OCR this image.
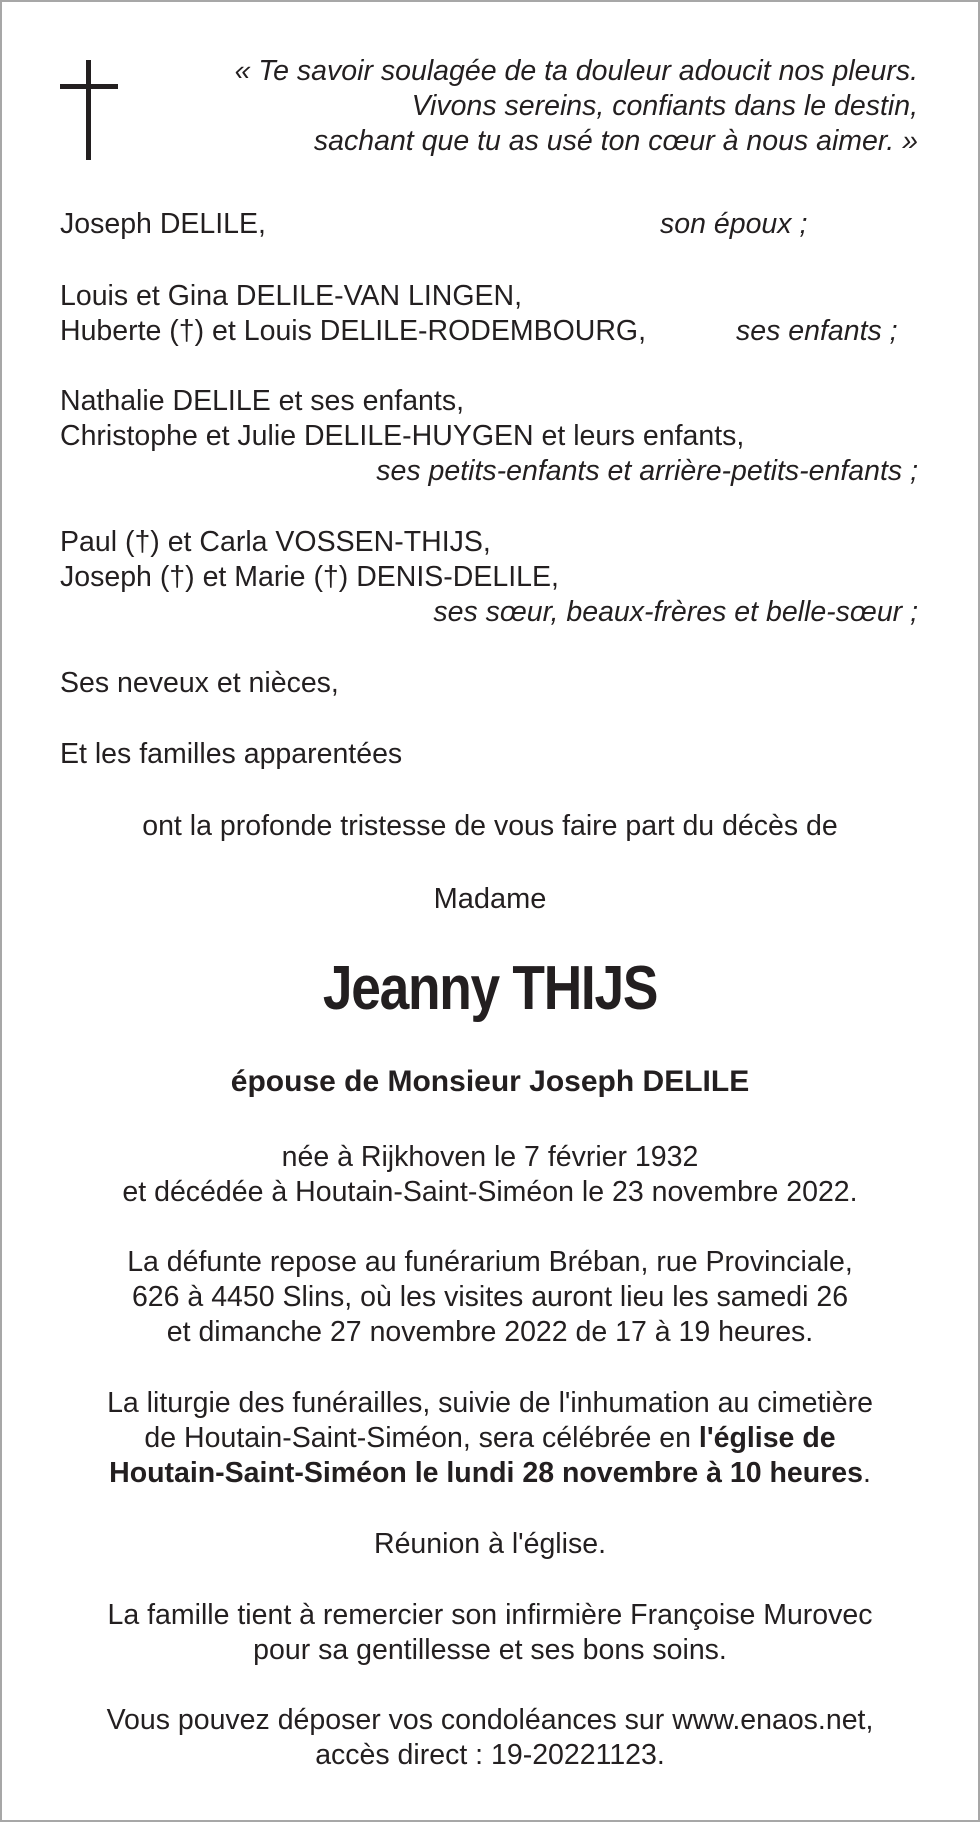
« Te savoir soulagée de ta douleur adoucit nos pleurs.
Vivons sereins, confiants dans le destin,
sachant que tu as usé ton cœur à nous aimer. »
Joseph DELILE,	son époux ;
Louis et Gina DELILE-VAN LINGEN,
Huberte (†) et Louis DELILE-RODEMBOURG,	ses enfants ;
Nathalie DELILE et ses enfants,
Christophe et Julie DELILE-HUYGEN et leurs enfants,
ses petits-enfants et arrière-petits-enfants ;
Paul (†) et Carla VOSSEN-THIJS,
Joseph (†) et Marie (†) DENIS-DELILE,
ses sœur, beaux-frères et belle-sœur ;
Ses neveux et nièces,
Et les familles apparentées
ont la profonde tristesse de vous faire part du décès de
Madame
Jeanny THIJS
épouse de Monsieur Joseph DELILE
née à Rijkhoven le 7 février 1932
et décédée à Houtain-Saint-Siméon le 23 novembre 2022.
La défunte repose au funérarium Bréban, rue Provinciale,
626 à 4450 Slins, où les visites auront lieu les samedi 26
et dimanche 27 novembre 2022 de 17 à 19 heures.
La liturgie des funérailles, suivie de l'inhumation au cimetière
de Houtain-Saint-Siméon, sera célébrée en l'église de
Houtain-Saint-Siméon le lundi 28 novembre à 10 heures.
Réunion à l'église.
La famille tient à remercier son infirmière Françoise Murovec
pour sa gentillesse et ses bons soins.
Vous pouvez déposer vos condoléances sur www.enaos.net,
accès direct : 19-20221123.
